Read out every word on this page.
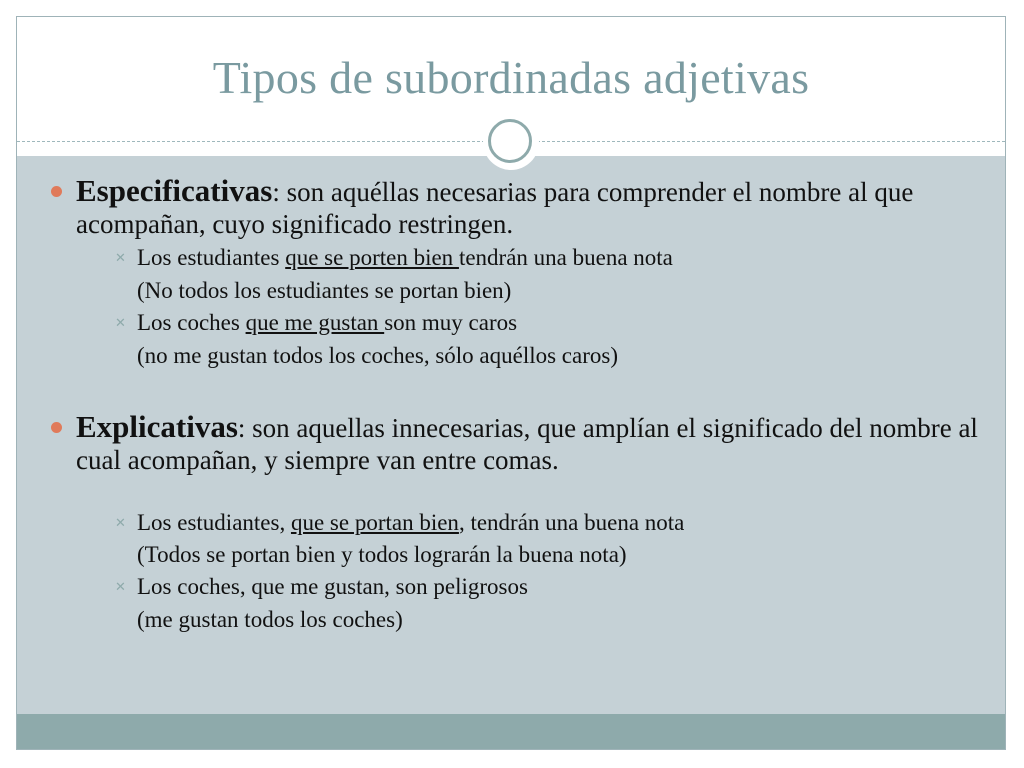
Tipos de subordinadas adjetivas
Especificativas: son aquéllas necesarias para comprender el nombre al que acompañan, cuyo significado restringen.
✕ Los estudiantes que se porten bien tendrán una buena nota
(No todos los estudiantes se portan bien)
✕ Los coches que me gustan son muy caros
(no me gustan todos los coches, sólo aquéllos caros)
Explicativas: son aquellas innecesarias, que amplían el significado del nombre al cual acompañan, y siempre van entre comas.
✕ Los estudiantes, que se portan bien, tendrán una buena nota
(Todos se portan bien y todos lograrán la buena nota)
✕ Los coches, que me gustan, son peligrosos
(me gustan todos los coches)
